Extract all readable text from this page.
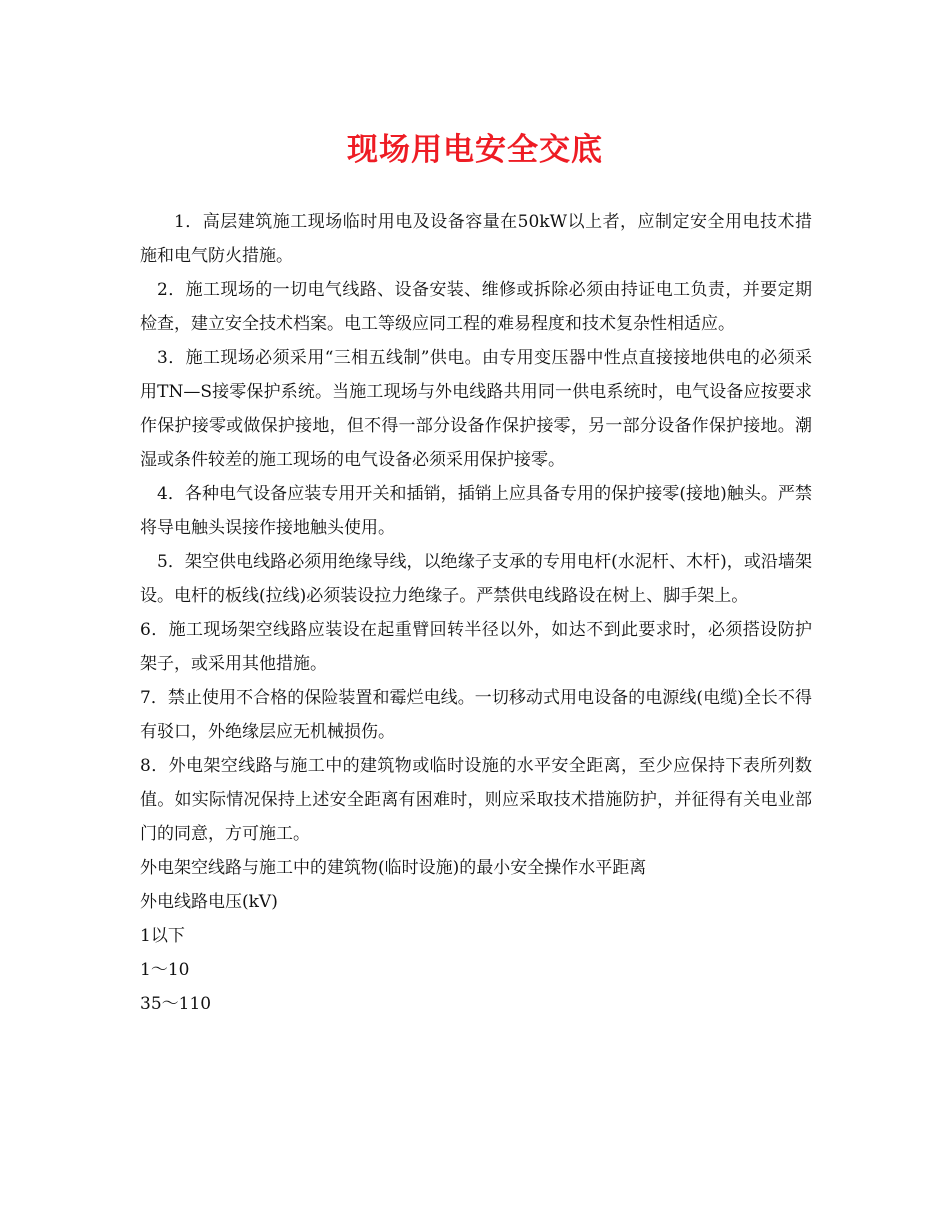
现场用电安全交底

1．高层建筑施工现场临时用电及设备容量在50kW以上者，应制定安全用电技术措施和电气防火措施。

2．施工现场的一切电气线路、设备安装、维修或拆除必须由持证电工负责，并要定期检查，建立安全技术档案。电工等级应同工程的难易程度和技术复杂性相适应。

3．施工现场必须采用“三相五线制”供电。由专用变压器中性点直接接地供电的必须采用TN—S接零保护系统。当施工现场与外电线路共用同一供电系统时，电气设备应按要求作保护接零或做保护接地，但不得一部分设备作保护接零，另一部分设备作保护接地。潮湿或条件较差的施工现场的电气设备必须采用保护接零。

4．各种电气设备应装专用开关和插销，插销上应具备专用的保护接零(接地)触头。严禁将导电触头误接作接地触头使用。

5．架空供电线路必须用绝缘导线，以绝缘子支承的专用电杆(水泥杆、木杆)，或沿墙架设。电杆的板线(拉线)必须装设拉力绝缘子。严禁供电线路设在树上、脚手架上。

6．施工现场架空线路应装设在起重臂回转半径以外，如达不到此要求时，必须搭设防护架子，或采用其他措施。

7．禁止使用不合格的保险装置和霉烂电线。一切移动式用电设备的电源线(电缆)全长不得有驳口，外绝缘层应无机械损伤。

8．外电架空线路与施工中的建筑物或临时设施的水平安全距离，至少应保持下表所列数值。如实际情况保持上述安全距离有困难时，则应采取技术措施防护，并征得有关电业部门的同意，方可施工。

外电架空线路与施工中的建筑物(临时设施)的最小安全操作水平距离

外电线路电压(kV)

1以下

1～10

35～110
